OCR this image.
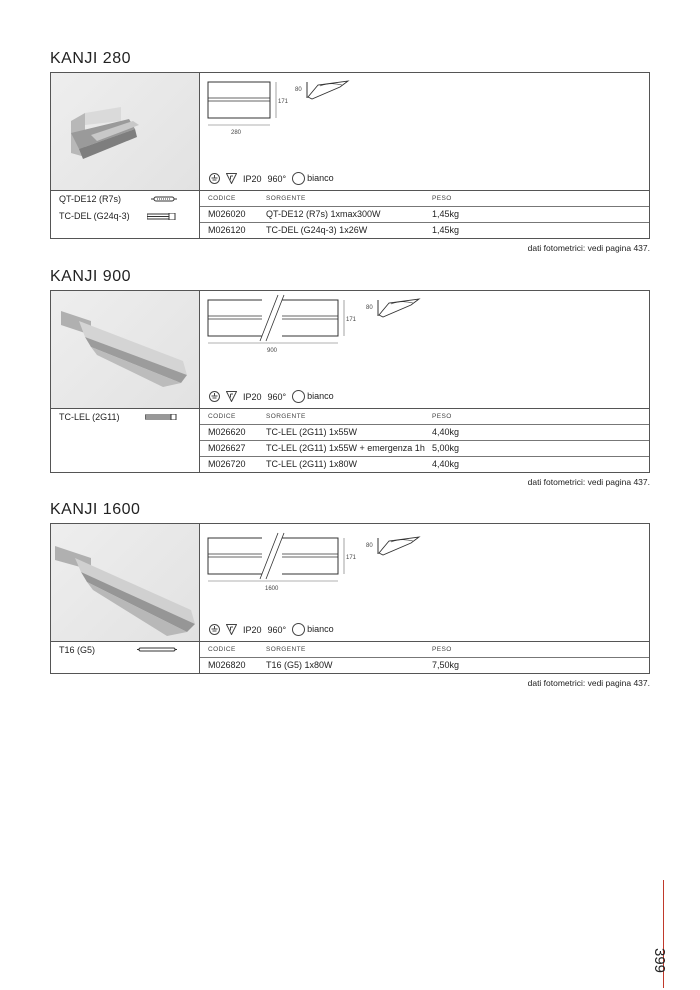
KANJI 280
280
171
80
IP20 960°	bianco
QT-DE12 (R7s)
TC-DEL (G24q-3)
CODICE	SORGENTE	PESO
M026020 QT-DE12 (R7s) 1xmax300W	1,45kg
M026120 TC-DEL (G24q-3) 1x26W	1,45kg
dati fotometrici: vedi pagina 437.
KANJI 900
900
171
80
IP20 960°	bianco
TC-LEL (2G11)	CODICE	SORGENTE	PESO
M026620 TC-LEL (2G11) 1x55W	4,40kg
M026627 TC-LEL (2G11) 1x55W + emergenza 1h 5,00kg
M026720 TC-LEL (2G11) 1x80W	4,40kg
dati fotometrici: vedi pagina 437.
KANJI 1600
1600
171
80
IP20 960°	bianco
T16 (G5)	CODICE	SORGENTE	PESO
M026820 T16 (G5) 1x80W	7,50kg
dati fotometrici: vedi pagina 437.
399
